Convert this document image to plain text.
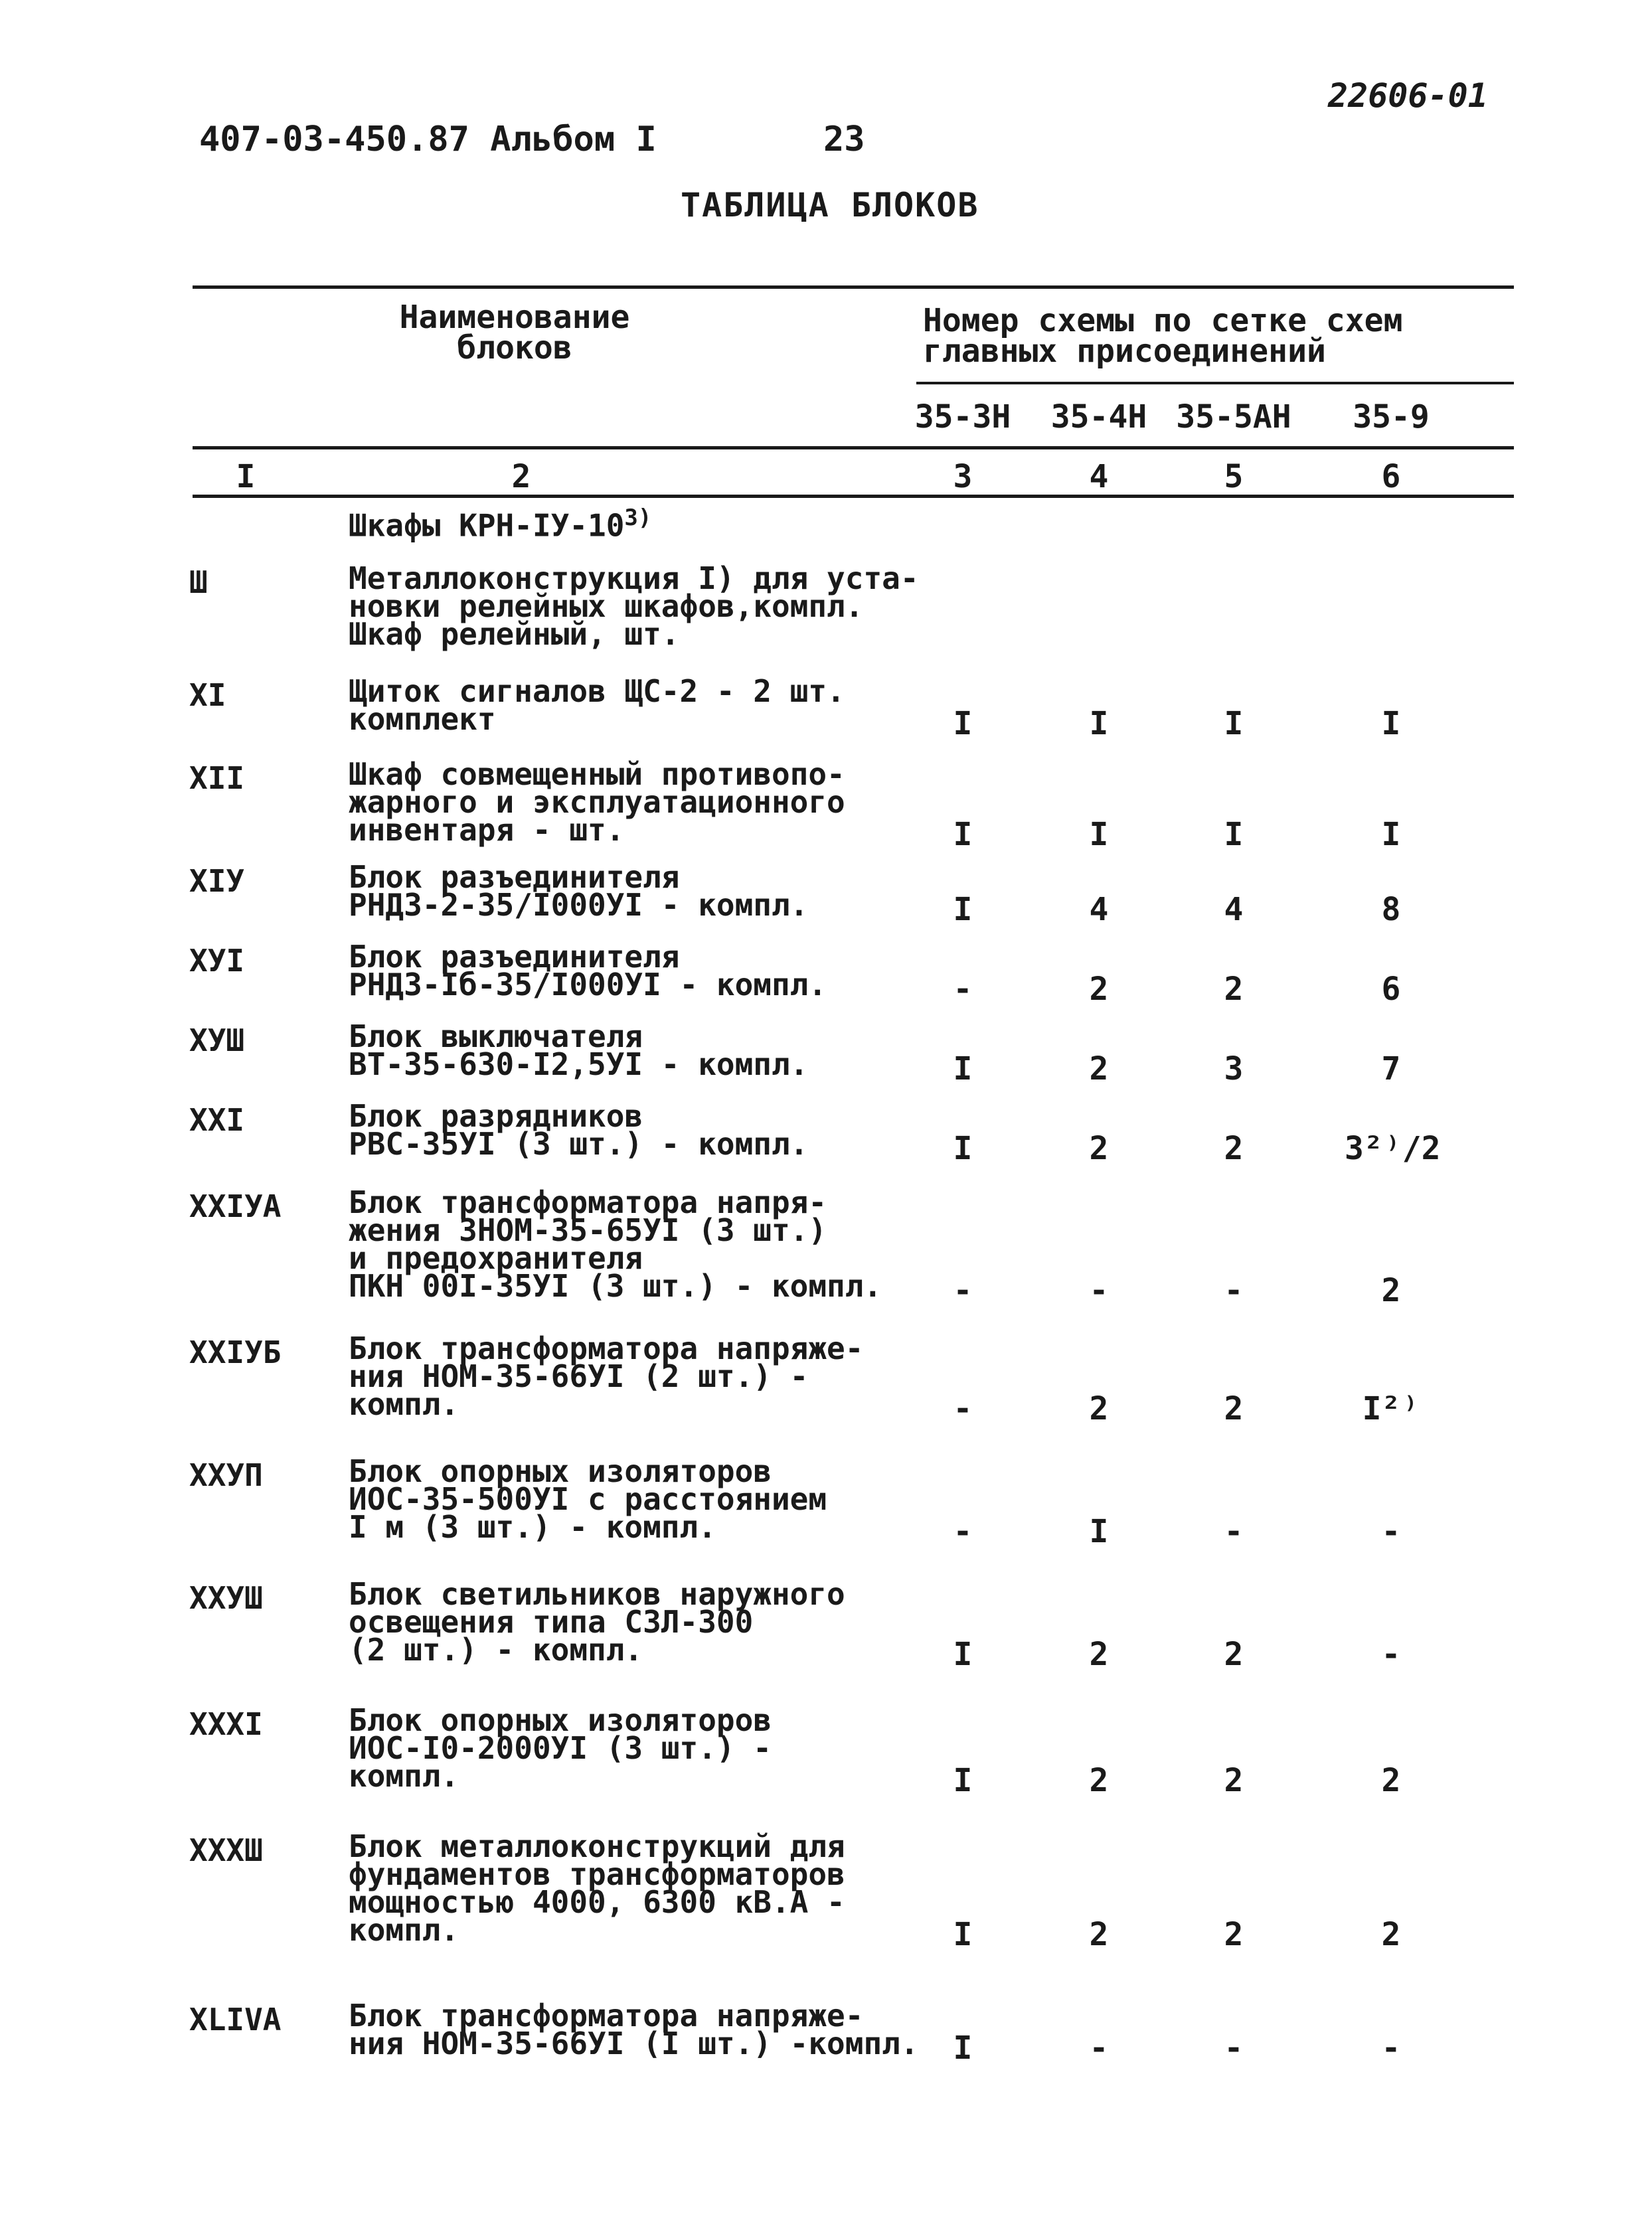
407-03-450.87 Альбом I	23
22606-01
ТАБЛИЦА БЛОКОВ
Наименование
блоков
Номер схемы по сетке схем
главных присоединений
35-3Н	35-4Н 35-5АН	35-9
I	2	3	4	5	6
Шкафы КРН-IУ-10$^{3)}$
Ш	Металлоконструкция I) для уста-
новки релейных шкафов,компл.
Шкаф релейный, шт.
XI	Щиток сигналов ЩС-2 - 2 шт.
комплект	I	I	I	I
XII	Шкаф совмещенный противопо-
жарного и эксплуатационного
инвентаря - шт.	I	I	I	I
XIУ	Блок разъединителя
РНДЗ-2-35/I000УI - компл.	I	4	4	8
ХУI	Блок разъединителя
РНДЗ-Iб-35/I000УI - компл.	-	2	2	6
ХУШ	Блок выключателя
ВТ-35-630-I2,5УI - компл.	I	2	3	7
XXI	Блок разрядников
РВС-35УI (3 шт.) - компл.	I	2	2	3²⁾/2
XXIУА Блок трансформатора напря-
жения ЗНОМ-35-65УI (3 шт.)
и предохранителя
ПКН 00I-35УI (3 шт.) - компл.	-	-	-	2
XXIУБ Блок трансформатора напряже-
ния НОМ-35-66УI (2 шт.) -
компл.	-	2	2	I²⁾
XXУП	Блок опорных изоляторов
ИОС-35-500УI с расстоянием
I м (3 шт.) - компл.	-	I	-	-
XXУШ	Блок светильников наружного
освещения типа СЗЛ-300
(2 шт.) - компл.	I	2	2	-
XXXI	Блок опорных изоляторов
ИОС-I0-2000УI (3 шт.) -
компл.	I	2	2	2
XXXШ	Блок металлоконструкций для
фундаментов трансформаторов
мощностью 4000, 6300 кВ.А -
компл.	I	2	2	2
XLIVА Блок трансформатора напряже-
ния НОМ-35-66УI (I шт.) -компл.	I	-	-	-
